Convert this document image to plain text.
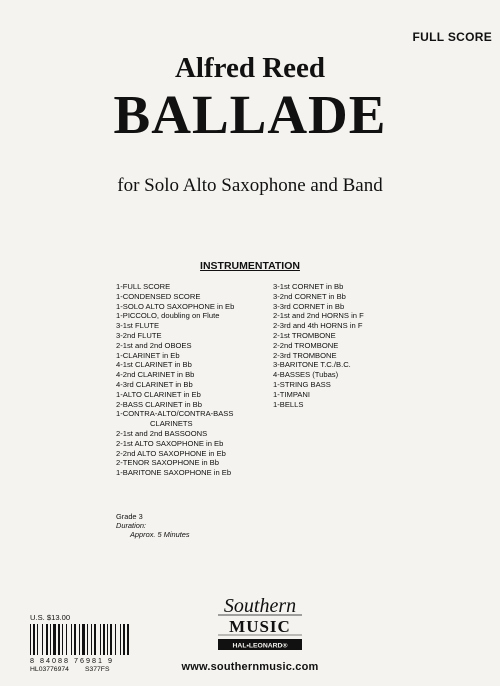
FULL SCORE
Alfred Reed
BALLADE
for Solo Alto Saxophone and Band
INSTRUMENTATION
1-FULL SCORE
1-CONDENSED SCORE
1-SOLO ALTO SAXOPHONE in Eb
1-PICCOLO, doubling on Flute
3-1st FLUTE
3-2nd FLUTE
2-1st and 2nd OBOES
1-CLARINET in Eb
4-1st CLARINET in Bb
4-2nd CLARINET in Bb
4-3rd CLARINET in Bb
1-ALTO CLARINET in Eb
2-BASS CLARINET in Bb
1-CONTRA-ALTO/CONTRA-BASS
CLARINETS
2-1st and 2nd BASSOONS
2-1st ALTO SAXOPHONE in Eb
2-2nd ALTO SAXOPHONE in Eb
2-TENOR SAXOPHONE in Bb
1-BARITONE SAXOPHONE in Eb
3-1st CORNET in Bb
3-2nd CORNET in Bb
3-3rd CORNET in Bb
2-1st and 2nd HORNS in F
2-3rd and 4th HORNS in F
2-1st TROMBONE
2-2nd TROMBONE
2-3rd TROMBONE
3-BARITONE T.C./B.C.
4-BASSES (Tubas)
1-STRING BASS
1-TIMPANI
1-BELLS
Grade 3
Duration:
Approx. 5 Minutes
U.S. $13.00
8 84088 76981 9
HL03776974 S377FS
Southern
MUSIC
HAL•LEONARD®
www.southernmusic.com
